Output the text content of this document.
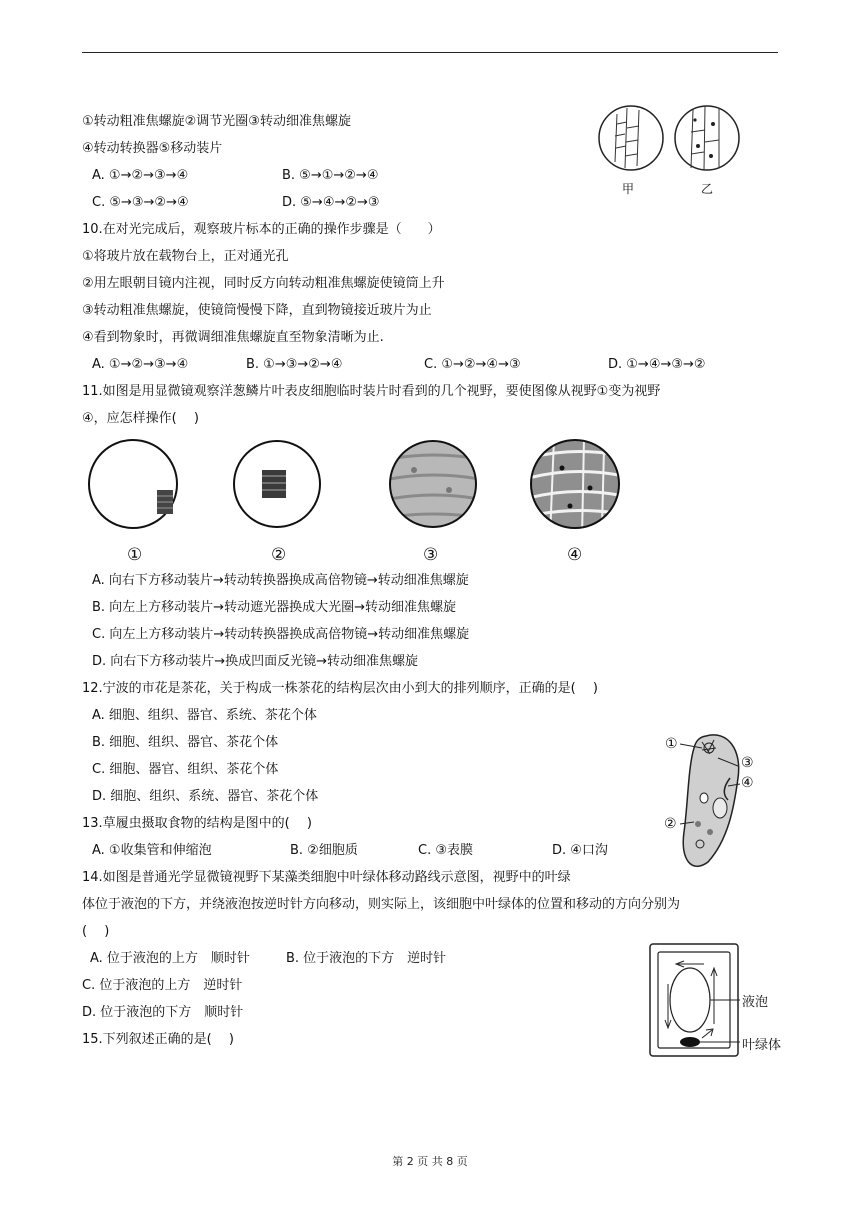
①转动粗准焦螺旋②调节光圈③转动细准焦螺旋
④转动转换器⑤移动装片
A. ①→②→③→④	B. ⑤→①→②→④
C. ⑤→③→②→④	D. ⑤→④→②→③
甲	乙
10.在对光完成后，观察玻片标本的正确的操作步骤是（　　）
①将玻片放在载物台上，正对通光孔
②用左眼朝目镜内注视，同时反方向转动粗准焦螺旋使镜筒上升
③转动粗准焦螺旋，使镜筒慢慢下降，直到物镜接近玻片为止
④看到物象时，再微调细准焦螺旋直至物象清晰为止.
A. ①→②→③→④	B. ①→③→②→④	C. ①→②→④→③	D. ①→④→③→②
11.如图是用显微镜观察洋葱鳞片叶表皮细胞临时装片时看到的几个视野，要使图像从视野①变为视野
④，应怎样操作(　 )
①	②	③	④
A. 向右下方移动装片→转动转换器换成高倍物镜→转动细准焦螺旋
B. 向左上方移动装片→转动遮光器换成大光圈→转动细准焦螺旋
C. 向左上方移动装片→转动转换器换成高倍物镜→转动细准焦螺旋
D. 向右下方移动装片→换成凹面反光镜→转动细准焦螺旋
12.宁波的市花是茶花，关于构成一株茶花的结构层次由小到大的排列顺序，正确的是(　 )
A. 细胞、组织、器官、系统、茶花个体
B. 细胞、组织、器官、茶花个体
C. 细胞、器官、组织、茶花个体
D. 细胞、组织、系统、器官、茶花个体
①
③
④
②
13.草履虫摄取食物的结构是图中的(　 )
A. ①收集管和伸缩泡	B. ②细胞质	C. ③表膜	D. ④口沟
14.如图是普通光学显微镜视野下某藻类细胞中叶绿体移动路线示意图，视野中的叶绿
体位于液泡的下方，并绕液泡按逆时针方向移动，则实际上，该细胞中叶绿体的位置和移动的方向分别为
(　 )
A. 位于液泡的上方　顺时针	B. 位于液泡的下方　逆时针
C. 位于液泡的上方　逆时针
D. 位于液泡的下方　顺时针
液泡
叶绿体
15.下列叙述正确的是(　 )
第 2 页 共 8 页
